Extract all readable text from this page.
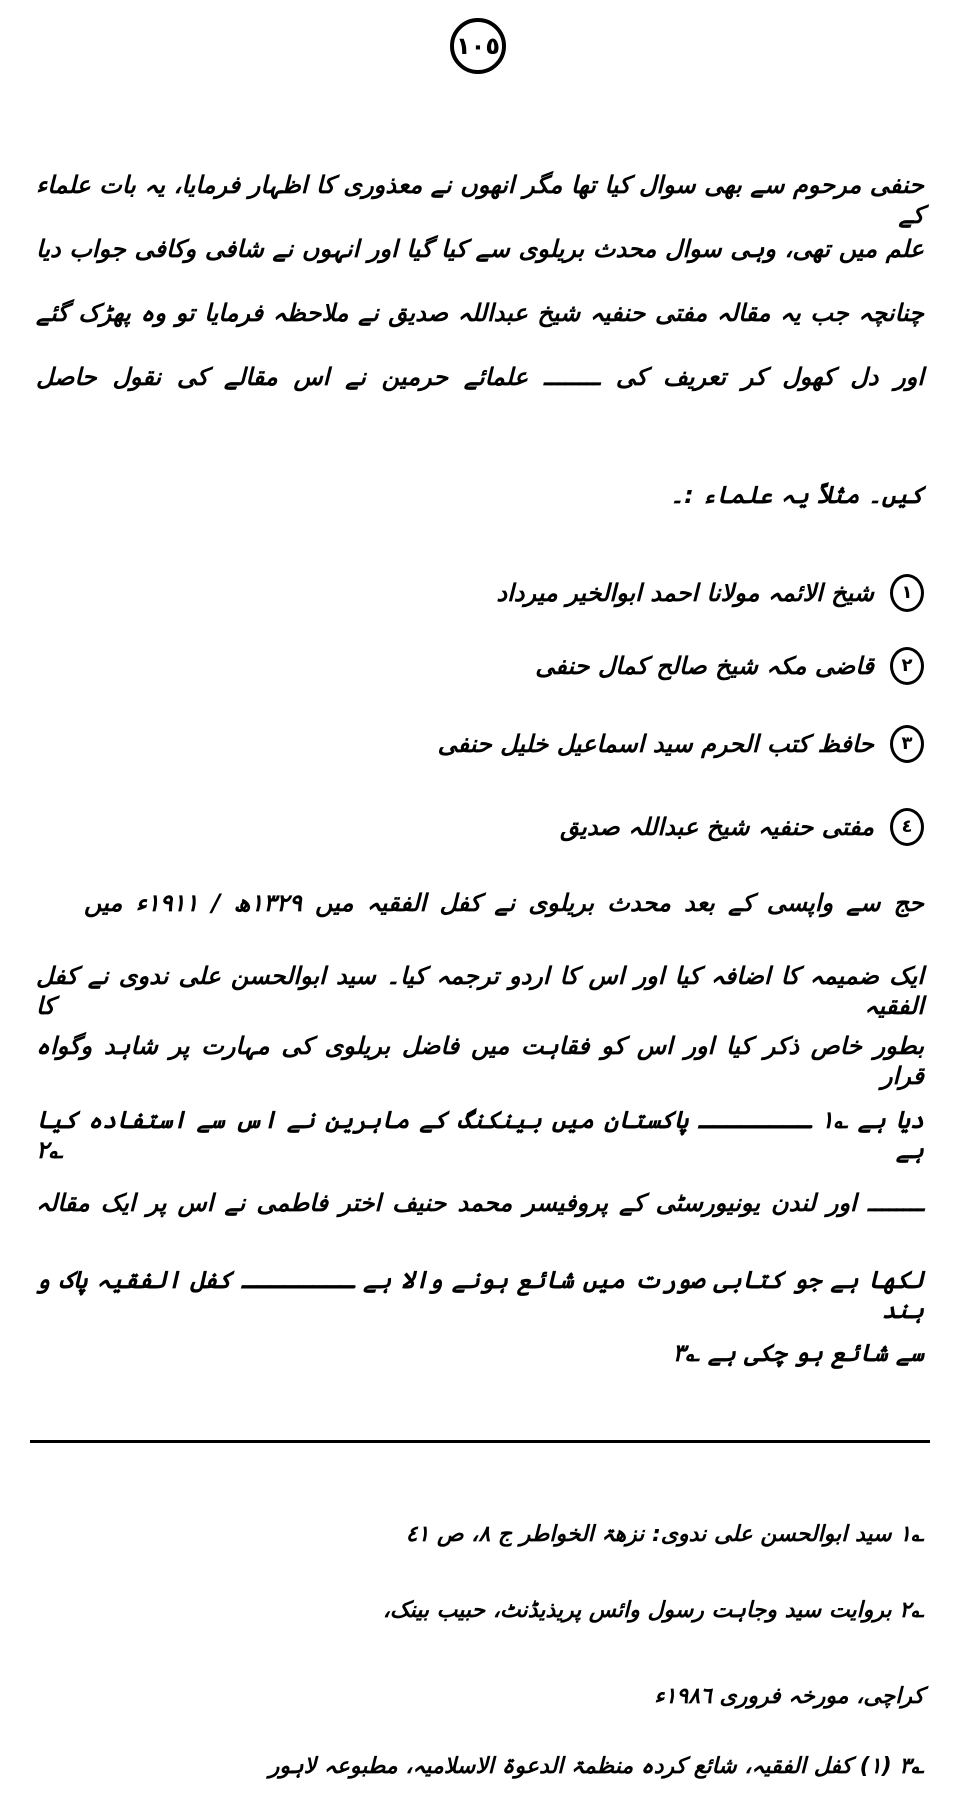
١٠٥
حنفی مرحوم سے بھی سوال کیا تھا مگر انھوں نے معذوری کا اظہار فرمایا، یہ بات علماء کے
علم میں تھی، وہی سوال محدث بریلوی سے کیا گیا اور انہوں نے شافی وکافی جواب دیا
چنانچہ جب یہ مقالہ مفتی حنفیہ شیخ عبداللہ صدیق نے ملاحظہ فرمایا تو وہ پھڑک گئے
اور دل کھول کر تعریف کی ــــــــ علمائے حرمین نے اس مقالے کی نقول حاصل
کیں۔ مثلاً یہ علماء :۔
١
شیخ الائمہ مولانا احمد ابوالخیر میرداد
٢
قاضی مکہ شیخ صالح کمال حنفی
٣
حافظ کتب الحرم سید اسماعیل خلیل حنفی
٤
مفتی حنفیہ شیخ عبداللہ صدیق
حج سے واپسی کے بعد محدث بریلوی نے کفل الفقیہ میں ١٣٢٩ھ / ١٩١١ء میں
ایک ضمیمہ کا اضافہ کیا اور اس کا اردو ترجمہ کیا۔ سید ابوالحسن علی ندوی نے کفل الفقیہ کا
بطور خاص ذکر کیا اور اس کو فقاہت میں فاضل بریلوی کی مہارت پر شاہد وگواہ قرار
دیا ہے ؎١ ــــــــ پاکستان میں بینکنگ کے ماہرین نے اس سے استفادہ کیا ہے ؎٢
ــــــــ اور لندن یونیورسٹی کے پروفیسر محمد حنیف اختر فاطمی نے اس پر ایک مقالہ
لکھا ہے جو کتابی صورت میں شائع ہونے والا ہے ــــــــ کفل الفقیہ پاک و ہند
سے شائع ہو چکی ہے ؎٣
؎١ سید ابوالحسن علی ندوی: نزھۃ الخواطر ج ٨، ص ٤١
؎٢ بروایت سید وجاہت رسول وائس پریذیڈنٹ، حبیب بینک،
کراچی، مورخہ فروری ١٩٨٦ء
؎٣ (١) کفل الفقیہ، شائع کردہ منظمۃ الدعوۃ الاسلامیہ، مطبوعہ لاہور
